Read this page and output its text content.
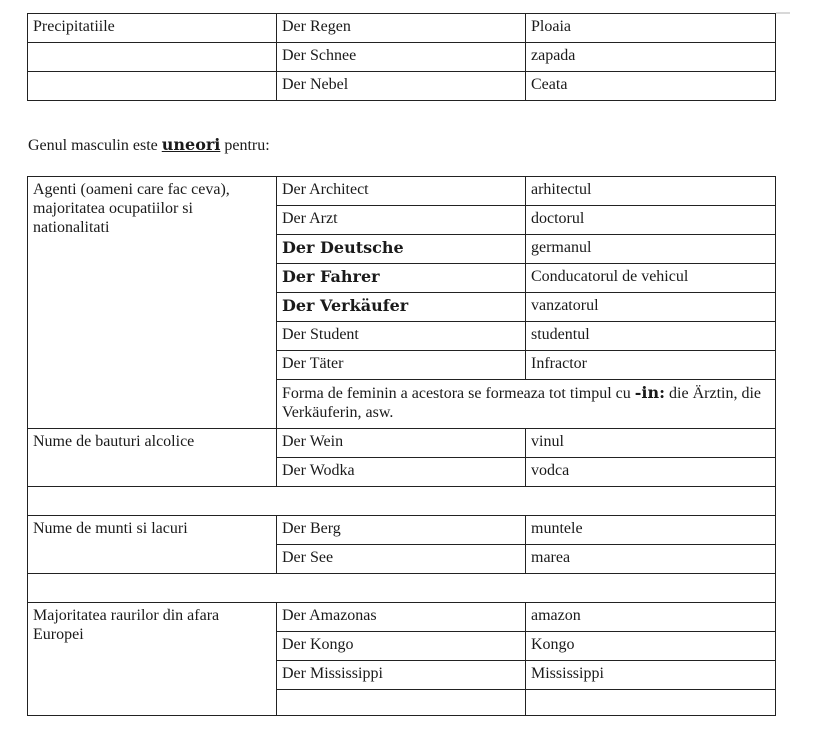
Precipitatiile	Der Regen	Ploaia
	Der Schnee	zapada
	Der Nebel	Ceata

Genul masculin este uneori pentru:

Agenti (oameni care fac ceva), majoritatea ocupatiilor si nationalitati	Der Architect	arhitectul
	Der Arzt	doctorul
	Der Deutsche	germanul
	Der Fahrer	Conducatorul de vehicul
	Der Verkäufer	vanzatorul
	Der Student	studentul
	Der Täter	Infractor
	Forma de feminin a acestora se formeaza tot timpul cu -in: die Ärztin, die Verkäuferin, asw.	
Nume de bauturi alcolice	Der Wein	vinul
	Der Wodka	vodca

Nume de munti si lacuri	Der Berg	muntele
	Der See	marea

Majoritatea raurilor din afara Europei	Der Amazonas	amazon
	Der Kongo	Kongo
	Der Mississippi	Mississippi
